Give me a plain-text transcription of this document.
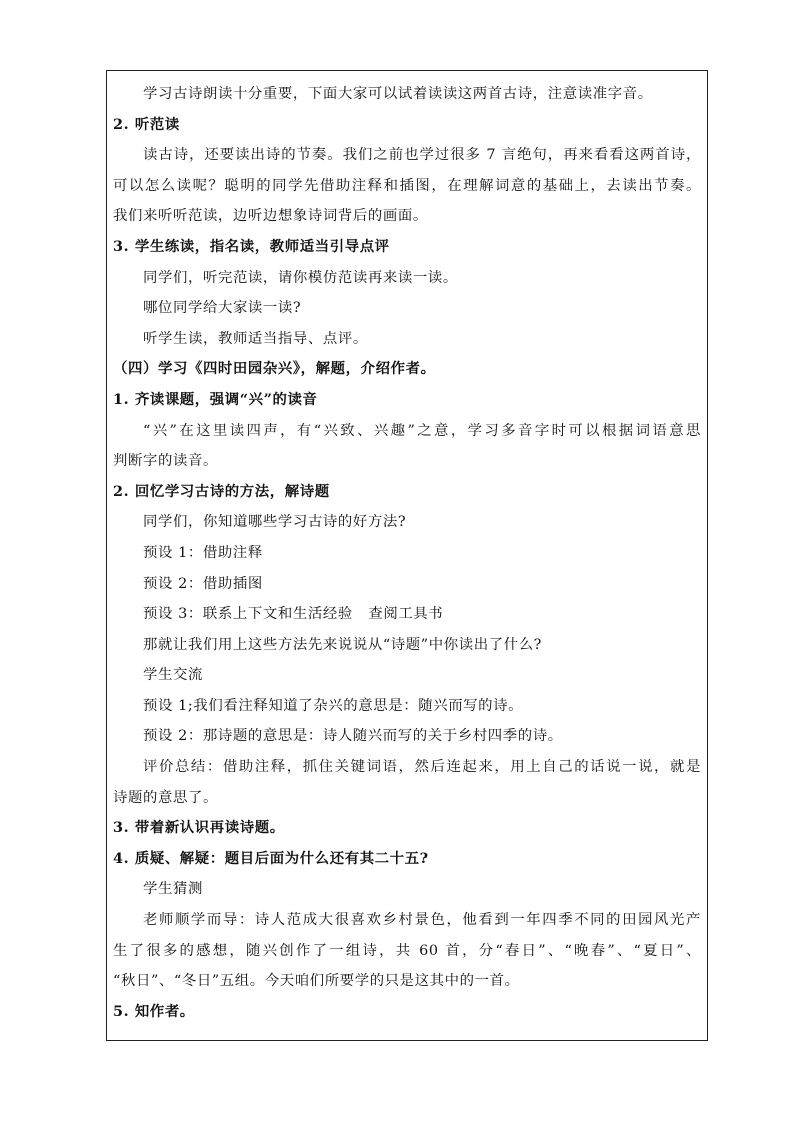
学习古诗朗读十分重要，下面大家可以试着读读这两首古诗，注意读准字音。
2. 听范读
读古诗，还要读出诗的节奏。我们之前也学过很多 7 言绝句，再来看看这两首诗，
可以怎么读呢？聪明的同学先借助注释和插图，在理解词意的基础上，去读出节奏。
我们来听听范读，边听边想象诗词背后的画面。
3. 学生练读，指名读，教师适当引导点评
同学们，听完范读，请你模仿范读再来读一读。
哪位同学给大家读一读?
听学生读，教师适当指导、点评。
（四）学习《四时田园杂兴》，解题，介绍作者。
1. 齐读课题，强调“兴”的读音
“兴”在这里读四声，有“兴致、兴趣”之意，学习多音字时可以根据词语意思
判断字的读音。
2. 回忆学习古诗的方法，解诗题
同学们，你知道哪些学习古诗的好方法?
预设 1：借助注释
预设 2：借助插图
预设 3：联系上下文和生活经验   查阅工具书
那就让我们用上这些方法先来说说从“诗题”中你读出了什么?
学生交流
预设 1;我们看注释知道了杂兴的意思是：随兴而写的诗。
预设 2：那诗题的意思是：诗人随兴而写的关于乡村四季的诗。
评价总结：借助注释，抓住关键词语，然后连起来，用上自己的话说一说，就是
诗题的意思了。
3. 带着新认识再读诗题。
4. 质疑、解疑：题目后面为什么还有其二十五?
学生猜测
老师顺学而导：诗人范成大很喜欢乡村景色，他看到一年四季不同的田园风光产
生了很多的感想，随兴创作了一组诗，共 60 首，分“春日”、“晚春”、“夏日”、
“秋日”、“冬日”五组。今天咱们所要学的只是这其中的一首。
5. 知作者。
